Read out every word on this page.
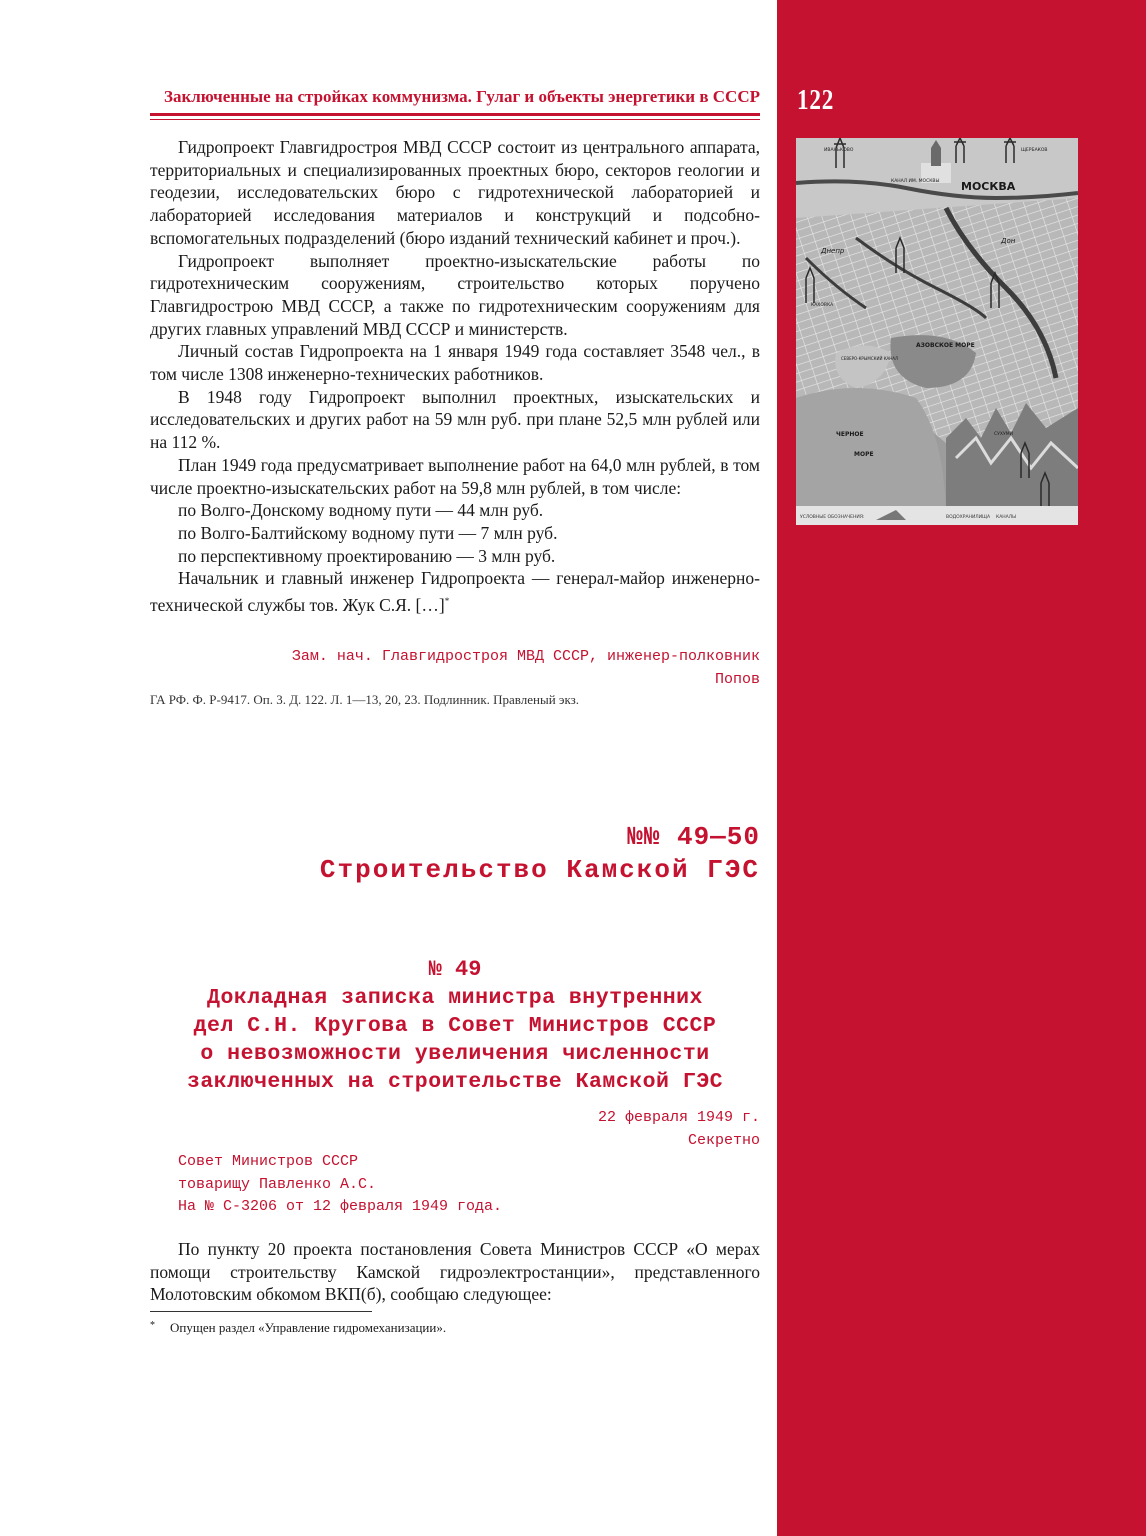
122
МОСКВА
КАНАЛ ИМ. МОСКВЫ
ИВАНЬКОВО	ЩЕРБАКОВ
АЗОВСКОЕ МОРЕ
ЧЕРНОЕ
МОРЕ
Дон
Днепр
КАХОВКА
СЕВЕРО-КРЫМСКИЙ КАНАЛ
СУХУМИ
УСЛОВНЫЕ ОБОЗНАЧЕНИЯ:	ВОДОХРАНИЛИЩА КАНАЛЫ
Заключенные на стройках коммунизма. Гулаг и объекты энергетики в СССР

Гидропроект Главгидростроя МВД СССР состоит из центрального аппарата, территориальных и специализированных проектных бюро, секторов геологии и геодезии, исследовательских бюро с гидротехнической лабораторией и лабораторией исследования материалов и конструкций и подсобно-вспомогательных подразделений (бюро изданий технический кабинет и проч.).

Гидропроект выполняет проектно-изыскательские работы по гидротехническим сооружениям, строительство которых поручено Главгидрострою МВД СССР, а также по гидротехническим сооружениям для других главных управлений МВД СССР и министерств.

Личный состав Гидропроекта на 1 января 1949 года составляет 3548 чел., в том числе 1308 инженерно-технических работников.

В 1948 году Гидропроект выполнил проектных, изыскательских и исследовательских и других работ на 59 млн руб. при плане 52,5 млн рублей или на 112 %.

План 1949 года предусматривает выполнение работ на 64,0 млн рублей, в том числе проектно-изыскательских работ на 59,8 млн рублей, в том числе:

по Волго-Донскому водному пути — 44 млн руб.

по Волго-Балтийскому водному пути — 7 млн руб.

по перспективному проектированию — 3 млн руб.

Начальник и главный инженер Гидропроекта — генерал-майор инженерно-технической службы тов. Жук С.Я. […]*

Зам. нач. Главгидростроя МВД СССР, инженер-полковник
Попов
ГА РФ. Ф. Р-9417. Оп. 3. Д. 122. Л. 1—13, 20, 23. Подлинник. Правленый экз.
№№ 49—50
Строительство Камской ГЭС
№ 49
Докладная записка министра внутренних
дел С.Н. Кругова в Совет Министров СССР
о невозможности увеличения численности
заключенных на строительстве Камской ГЭС
22 февраля 1949 г.
Секретно
Совет Министров СССР
товарищу Павленко А.С.
На № С-3206 от 12 февраля 1949 года.

По пункту 20 проекта постановления Совета Министров СССР «О мерах помощи строительству Камской гидроэлектростанции», представленного Молотовским обкомом ВКП(б), сообщаю следующее:

* Опущен раздел «Управление гидромеханизации».
